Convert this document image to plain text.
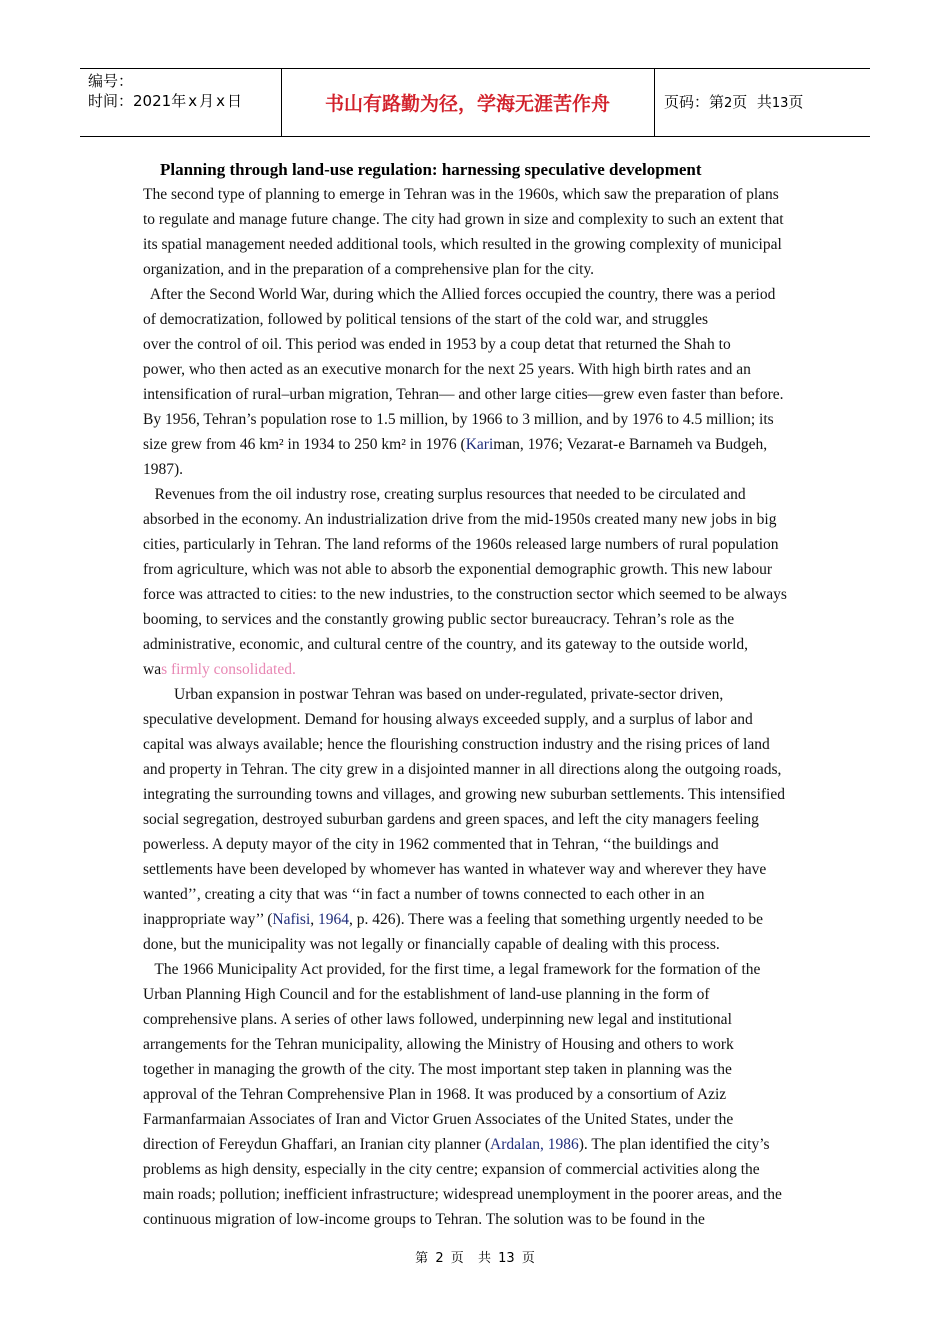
编号：
时间：2021年 x 月 x 日	书山有路勤为径，学海无涯苦作舟	页码：第2页  共13页
Planning through land-use regulation: harnessing speculative development
The second type of planning to emerge in Tehran was in the 1960s, which saw the preparation of plans
to regulate and manage future change. The city had grown in size and complexity to such an extent that
its spatial management needed additional tools, which resulted in the growing complexity of municipal
organization, and in the preparation of a comprehensive plan for the city.
After the Second World War, during which the Allied forces occupied the country, there was a period
of democratization, followed by political tensions of the start of the cold war, and struggles
over the control of oil. This period was ended in 1953 by a coup detat that returned the Shah to
power, who then acted as an executive monarch for the next 25 years. With high birth rates and an
intensification of rural–urban migration, Tehran— and other large cities—grew even faster than before.
By 1956, Tehran’s population rose to 1.5 million, by 1966 to 3 million, and by 1976 to 4.5 million; its
size grew from 46 km² in 1934 to 250 km² in 1976 (Kariman, 1976; Vezarat-e Barnameh va Budgeh,
1987).
Revenues from the oil industry rose, creating surplus resources that needed to be circulated and
absorbed in the economy. An industrialization drive from the mid-1950s created many new jobs in big
cities, particularly in Tehran. The land reforms of the 1960s released large numbers of rural population
from agriculture, which was not able to absorb the exponential demographic growth. This new labour
force was attracted to cities: to the new industries, to the construction sector which seemed to be always
booming, to services and the constantly growing public sector bureaucracy. Tehran’s role as the
administrative, economic, and cultural centre of the country, and its gateway to the outside world,
was firmly consolidated.
Urban expansion in postwar Tehran was based on under-regulated, private-sector driven,
speculative development. Demand for housing always exceeded supply, and a surplus of labor and
capital was always available; hence the flourishing construction industry and the rising prices of land
and property in Tehran. The city grew in a disjointed manner in all directions along the outgoing roads,
integrating the surrounding towns and villages, and growing new suburban settlements. This intensified
social segregation, destroyed suburban gardens and green spaces, and left the city managers feeling
powerless. A deputy mayor of the city in 1962 commented that in Tehran, ‘‘the buildings and
settlements have been developed by whomever has wanted in whatever way and wherever they have
wanted’’, creating a city that was ‘‘in fact a number of towns connected to each other in an
inappropriate way’’ (Nafisi, 1964, p. 426). There was a feeling that something urgently needed to be
done, but the municipality was not legally or financially capable of dealing with this process.
The 1966 Municipality Act provided, for the first time, a legal framework for the formation of the
Urban Planning High Council and for the establishment of land-use planning in the form of
comprehensive plans. A series of other laws followed, underpinning new legal and institutional
arrangements for the Tehran municipality, allowing the Ministry of Housing and others to work
together in managing the growth of the city. The most important step taken in planning was the
approval of the Tehran Comprehensive Plan in 1968. It was produced by a consortium of Aziz
Farmanfarmaian Associates of Iran and Victor Gruen Associates of the United States, under the
direction of Fereydun Ghaffari, an Iranian city planner (Ardalan, 1986). The plan identified the city’s
problems as high density, especially in the city centre; expansion of commercial activities along the
main roads; pollution; inefficient infrastructure; widespread unemployment in the poorer areas, and the
continuous migration of low-income groups to Tehran. The solution was to be found in the
第 2 页  共 13 页
